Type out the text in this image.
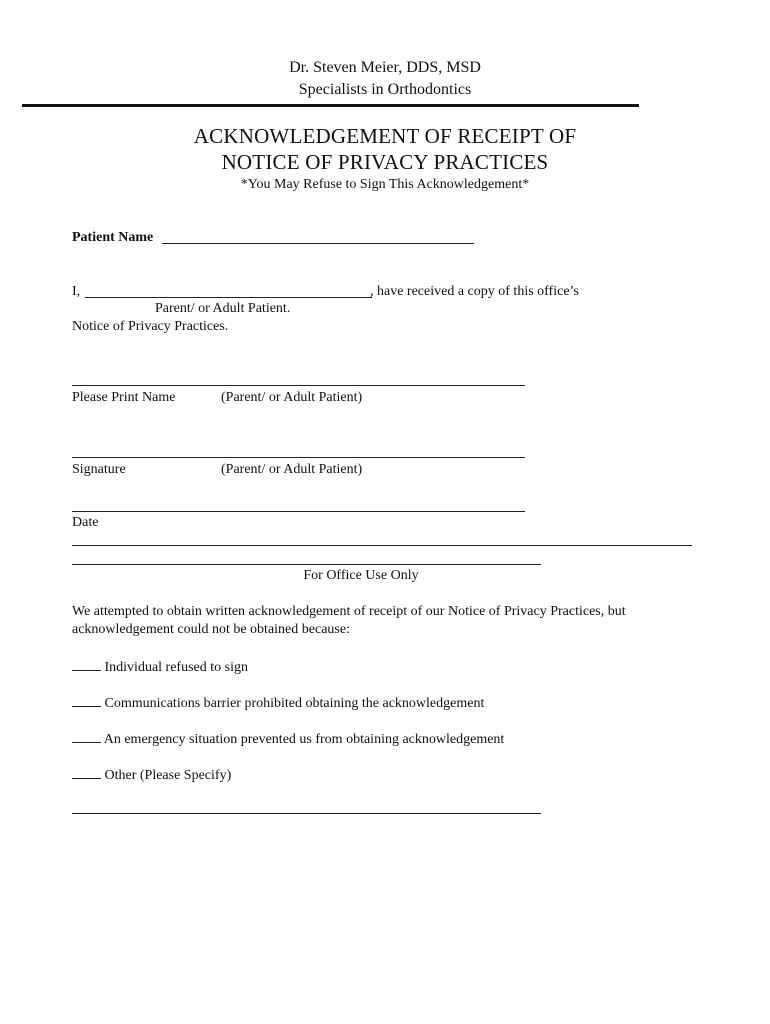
Dr. Steven Meier, DDS, MSD
Specialists in Orthodontics
ACKNOWLEDGEMENT OF RECEIPT OF
NOTICE OF PRIVACY PRACTICES
*You May Refuse to Sign This Acknowledgement*
Patient Name
I,	, have received a copy of this office’s
Parent/ or Adult Patient.
Notice of Privacy Practices.
Please Print Name	(Parent/ or Adult Patient)
Signature	(Parent/ or Adult Patient)
Date
For Office Use Only
We attempted to obtain written acknowledgement of receipt of our Notice of Privacy Practices, but
acknowledgement could not be obtained because:
Individual refused to sign
Communications barrier prohibited obtaining the acknowledgement
An emergency situation prevented us from obtaining acknowledgement
Other (Please Specify)
